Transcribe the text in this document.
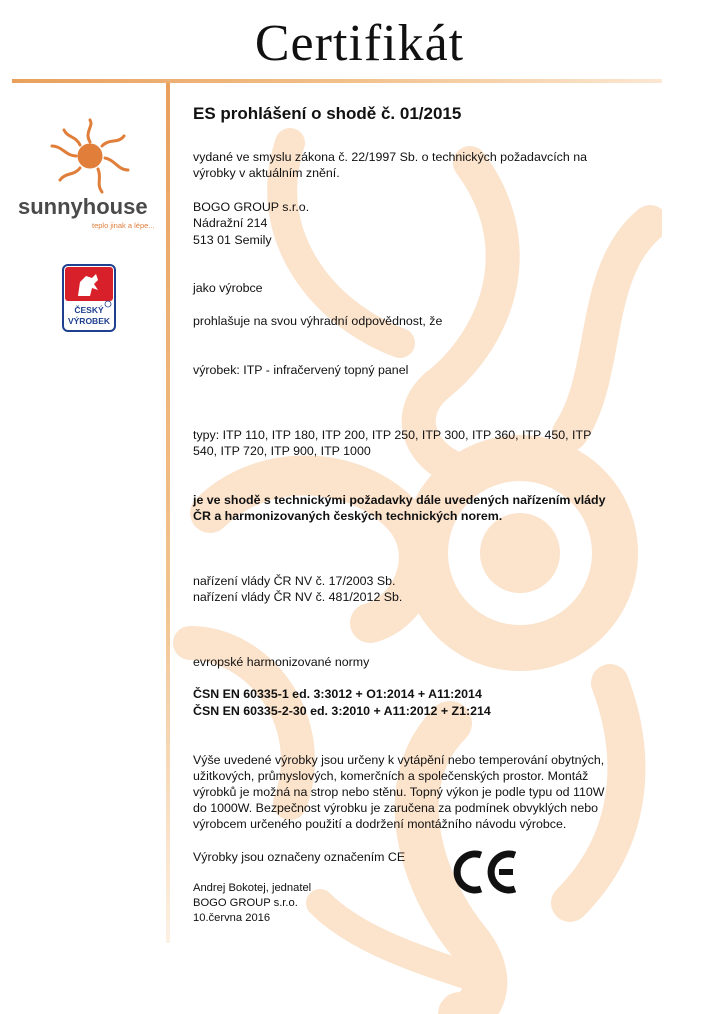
Certifikát
sunnyhouse
teplo jinak a lépe...
ČESKÝ
VÝROBEK
ES prohlášení o shodě č. 01/2015
vydané ve smyslu zákona č. 22/1997 Sb. o technických požadavcích na
výrobky v aktuálním znění.
BOGO GROUP s.r.o.
Nádražní 214
513 01 Semily
jako výrobce
prohlašuje na svou výhradní odpovědnost, že
výrobek: ITP - infračervený topný panel
typy: ITP 110, ITP 180, ITP 200, ITP 250, ITP 300, ITP 360, ITP 450, ITP
540, ITP 720, ITP 900, ITP 1000
je ve shodě s technickými požadavky dále uvedených nařízením vlády
ČR a harmonizovaných českých technických norem.
nařízení vlády ČR NV č. 17/2003 Sb.
nařízení vlády ČR NV č. 481/2012 Sb.
evropské harmonizované normy
ČSN EN 60335-1 ed. 3:3012 + O1:2014 + A11:2014
ČSN EN 60335-2-30 ed. 3:2010 + A11:2012 + Z1:214
Výše uvedené výrobky jsou určeny k vytápění nebo temperování obytných,
užitkových, průmyslových, komerčních a společenských prostor. Montáž
výrobků je možná na strop nebo stěnu. Topný výkon je podle typu od 110W
do 1000W. Bezpečnost výrobku je zaručena za podmínek obvyklých nebo
výrobcem určeného použití a dodržení montážního návodu výrobce.
Výrobky jsou označeny označením CE
Andrej Bokotej, jednatel
BOGO GROUP s.r.o.
10.června 2016
